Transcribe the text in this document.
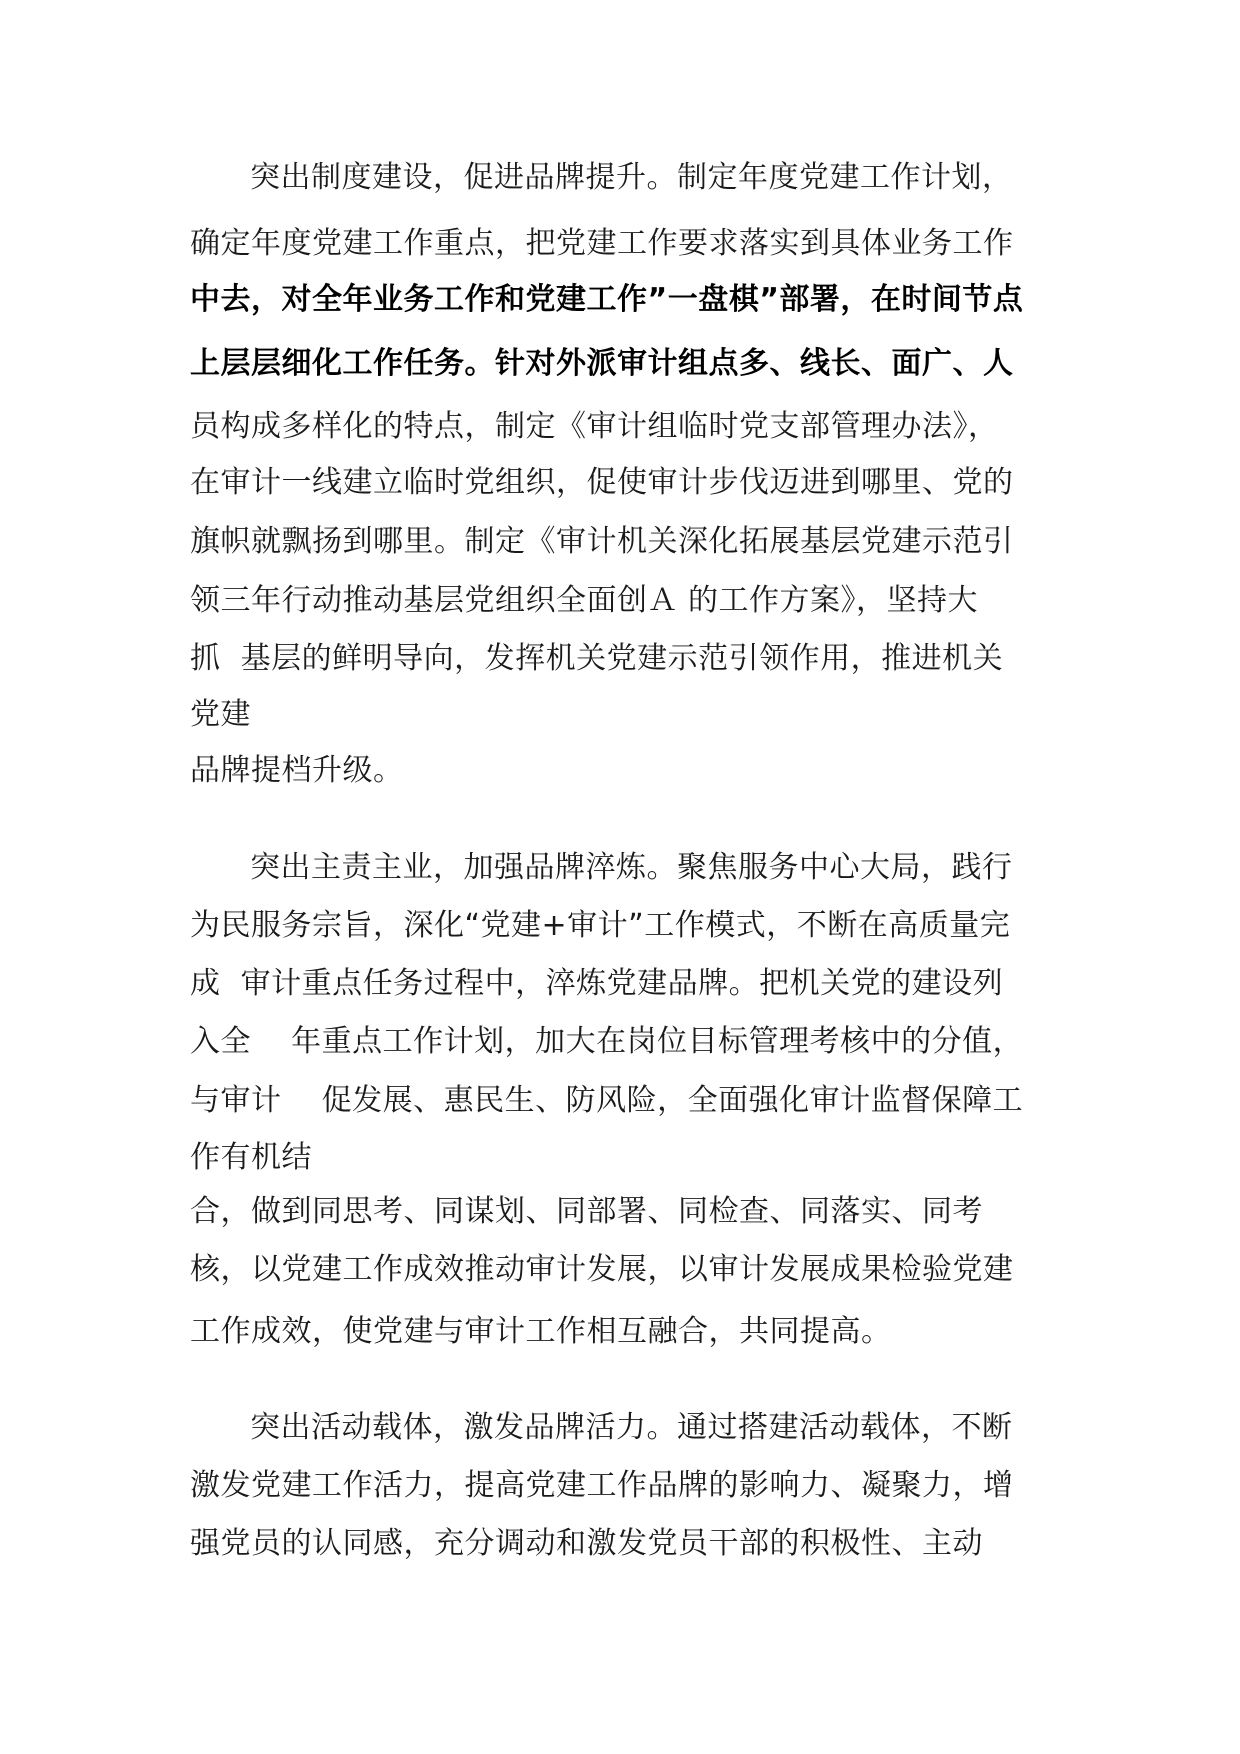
突出制度建设，促进品牌提升。制定年度党建工作计划，
确定年度党建工作重点，把党建工作要求落实到具体业务工作
中去，对全年业务工作和党建工作”一盘棋”部署，在时间节点
上层层细化工作任务。针对外派审计组点多、线长、面广、人
员构成多样化的特点，制定《审计组临时党支部管理办法》，
在审计一线建立临时党组织，促使审计步伐迈进到哪里、党的
旗帜就飘扬到哪里。制定《审计机关深化拓展基层党建示范引
领三年行动推动基层党组织全面创Ａ 的工作方案》，坚持大
抓  基层的鲜明导向，发挥机关党建示范引领作用，推进机关
党建
品牌提档升级。
突出主责主业，加强品牌淬炼。聚焦服务中心大局，践行
为民服务宗旨，深化“党建+审计”工作模式，不断在高质量完
成  审计重点任务过程中，淬炼党建品牌。把机关党的建设列
入全    年重点工作计划，加大在岗位目标管理考核中的分值，
与审计    促发展、惠民生、防风险，全面强化审计监督保障工
作有机结
合，做到同思考、同谋划、同部署、同检查、同落实、同考
核，以党建工作成效推动审计发展，以审计发展成果检验党建
工作成效，使党建与审计工作相互融合，共同提高。
突出活动载体，激发品牌活力。通过搭建活动载体，不断
激发党建工作活力，提高党建工作品牌的影响力、凝聚力，增
强党员的认同感，充分调动和激发党员干部的积极性、主动
